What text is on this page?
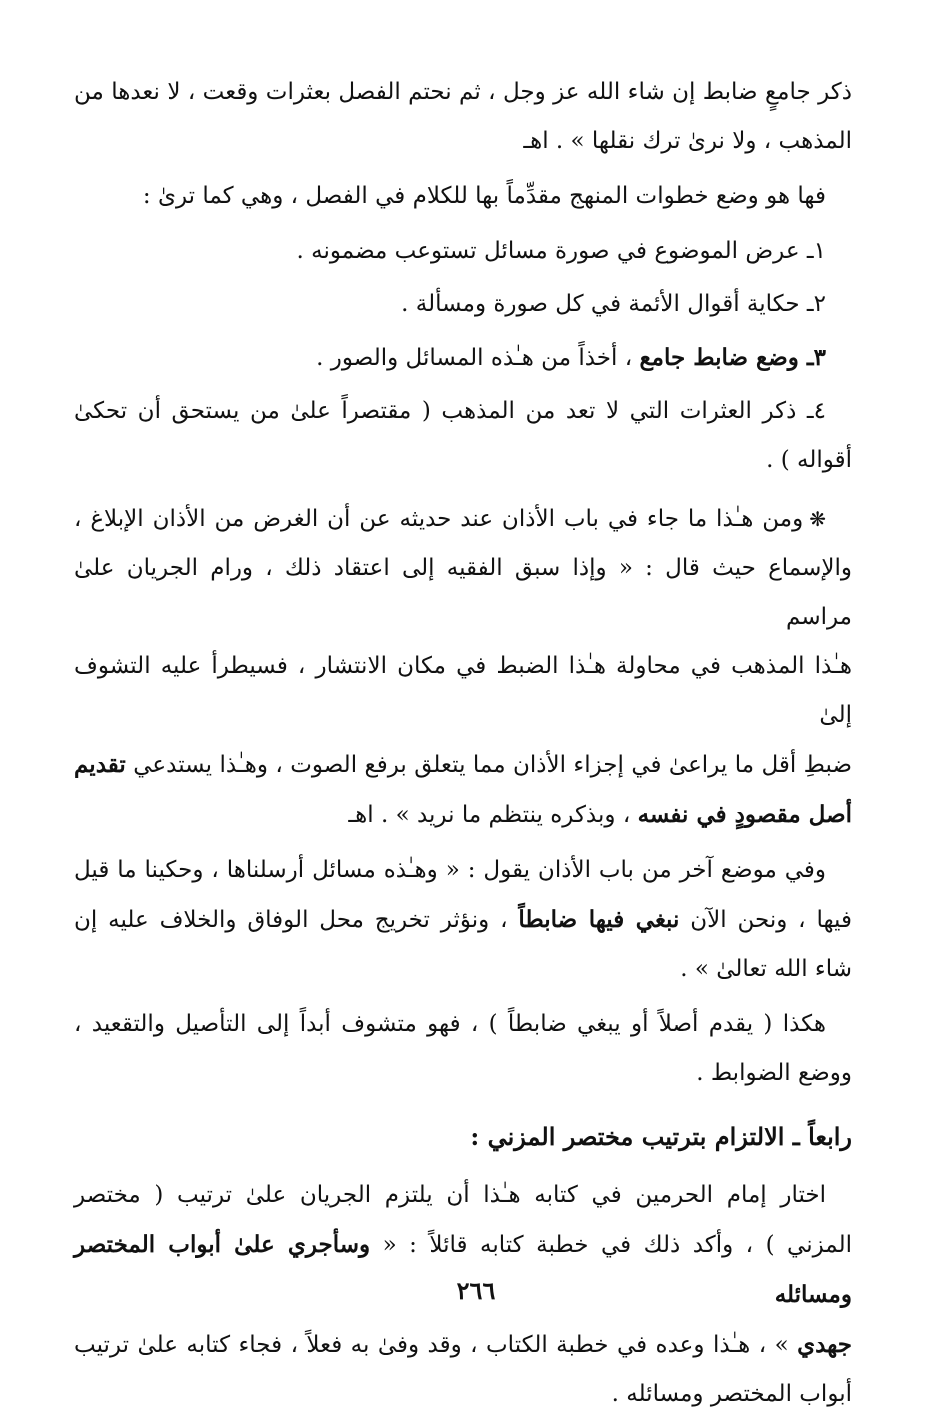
ذكر جامعٍ ضابط إن شاء الله عز وجل ، ثم نحتم الفصل بعثرات وقعت ، لا نعدها من
المذهب ، ولا نرىٰ ترك نقلها » . اهـ

فها هو وضع خطوات المنهج مقدِّماً بها للكلام في الفصل ، وهي كما ترىٰ :

١ـ عرض الموضوع في صورة مسائل تستوعب مضمونه .

٢ـ حكاية أقوال الأئمة في كل صورة ومسألة .

٣ـ وضع ضابط جامع ، أخذاً من هـٰذه المسائل والصور .

٤ـ ذكر العثرات التي لا تعد من المذهب ( مقتصراً علىٰ من يستحق أن تحكىٰ
أقواله ) .

❋ومن هـٰذا ما جاء في باب الأذان عند حديثه عن أن الغرض من الأذان الإبلاغ ،
والإسماع حيث قال : « وإذا سبق الفقيه إلى اعتقاد ذلك ، ورام الجريان علىٰ مراسم
هـٰذا المذهب في محاولة هـٰذا الضبط في مكان الانتشار ، فسيطرأ عليه التشوف إلىٰ
ضبطِ أقل ما يراعىٰ في إجزاء الأذان مما يتعلق برفع الصوت ، وهـٰذا يستدعي تقديم
أصل مقصودٍ في نفسه ، وبذكره ينتظم ما نريد » . اهـ

وفي موضع آخر من باب الأذان يقول : « وهـٰذه مسائل أرسلناها ، وحكينا ما قيل
فيها ، ونحن الآن نبغي فيها ضابطاً ، ونؤثر تخريج محل الوفاق والخلاف عليه إن
شاء الله تعالىٰ » .

هكذا ( يقدم أصلاً أو يبغي ضابطاً ) ، فهو متشوف أبداً إلى التأصيل والتقعيد ،
ووضع الضوابط .

رابعاً ـ الالتزام بترتيب مختصر المزني :

اختار إمام الحرمين في كتابه هـٰذا أن يلتزم الجريان علىٰ ترتيب ( مختصر
المزني ) ، وأكد ذلك في خطبة كتابه قائلاً : « وسأجري علىٰ أبواب المختصر ومسائله
جهدي » ، هـٰذا وعده في خطبة الكتاب ، وقد وفىٰ به فعلاً ، فجاء كتابه علىٰ ترتيب
أبواب المختصر ومسائله .

٢٦٦
